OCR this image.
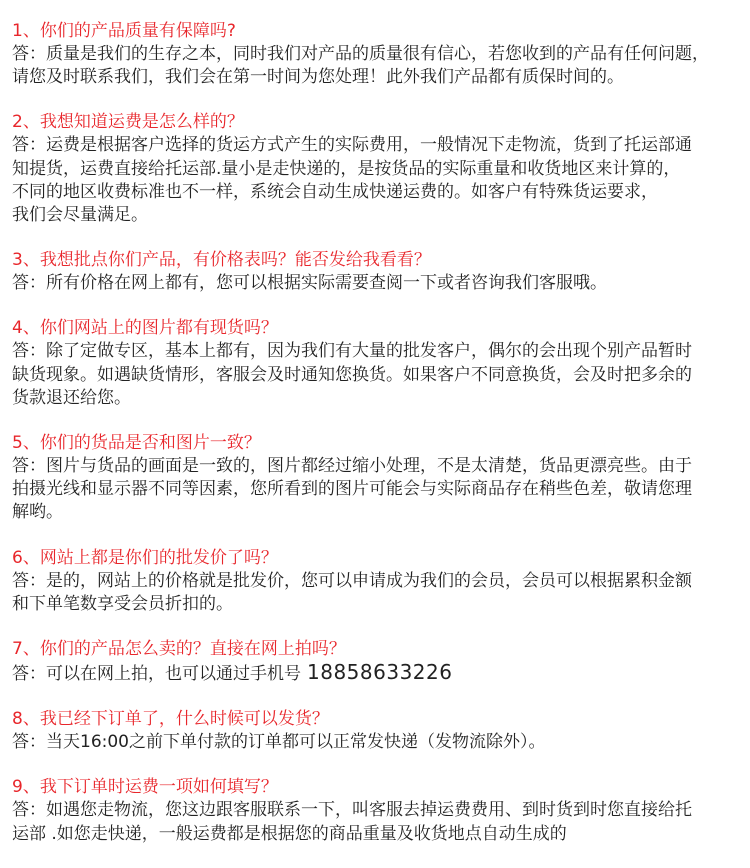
1、你们的产品质量有保障吗?

答：质量是我们的生存之本，同时我们对产品的质量很有信心，若您收到的产品有任何问题，
请您及时联系我们，我们会在第一时间为您处理！此外我们产品都有质保时间的。

2、我想知道运费是怎么样的？

答：运费是根据客户选择的货运方式产生的实际费用，一般情况下走物流，货到了托运部通
知提货，运费直接给托运部.量小是走快递的，是按货品的实际重量和收货地区来计算的，
不同的地区收费标准也不一样，系统会自动生成快递运费的。如客户有特殊货运要求，
我们会尽量满足。

3、我想批点你们产品，有价格表吗？能否发给我看看？

答：所有价格在网上都有，您可以根据实际需要查阅一下或者咨询我们客服哦。

4、你们网站上的图片都有现货吗？

答：除了定做专区，基本上都有，因为我们有大量的批发客户，偶尔的会出现个别产品暂时
缺货现象。如遇缺货情形，客服会及时通知您换货。如果客户不同意换货，会及时把多余的
货款退还给您。

5、你们的货品是否和图片一致？

答：图片与货品的画面是一致的，图片都经过缩小处理，不是太清楚，货品更漂亮些。由于
拍摄光线和显示器不同等因素，您所看到的图片可能会与实际商品存在稍些色差，敬请您理
解哟。

6、网站上都是你们的批发价了吗？

答：是的，网站上的价格就是批发价，您可以申请成为我们的会员，会员可以根据累积金额
和下单笔数享受会员折扣的。

7、你们的产品怎么卖的？直接在网上拍吗？

答：可以在网上拍，也可以通过手机号 18858633226

8、我已经下订单了，什么时候可以发货？

答：当天16:00之前下单付款的订单都可以正常发快递（发物流除外）。

9、我下订单时运费一项如何填写？

答：如遇您走物流，您这边跟客服联系一下，叫客服去掉运费费用、到时货到时您直接给托
运部 .如您走快递，一般运费都是根据您的商品重量及收货地点自动生成的
